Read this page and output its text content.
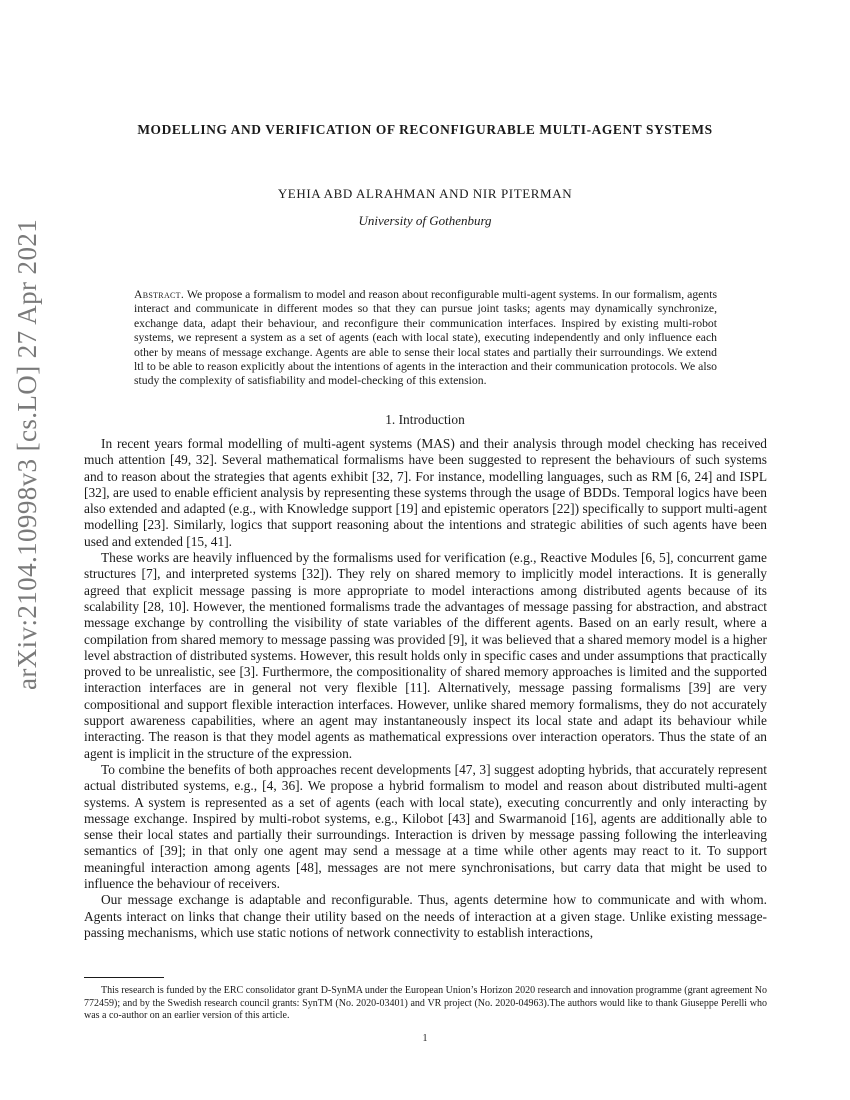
arXiv:2104.10998v3 [cs.LO] 27 Apr 2021
MODELLING AND VERIFICATION OF RECONFIGURABLE MULTI-AGENT SYSTEMS
YEHIA ABD ALRAHMAN AND NIR PITERMAN
University of Gothenburg
Abstract. We propose a formalism to model and reason about reconfigurable multi-agent systems. In our formalism, agents interact and communicate in different modes so that they can pursue joint tasks; agents may dynamically synchronize, exchange data, adapt their behaviour, and reconfigure their communication interfaces. Inspired by existing multi-robot systems, we represent a system as a set of agents (each with local state), executing independently and only influence each other by means of message exchange. Agents are able to sense their local states and partially their surroundings. We extend ltl to be able to reason explicitly about the intentions of agents in the interaction and their communication protocols. We also study the complexity of satisfiability and model-checking of this extension.
1. Introduction

In recent years formal modelling of multi-agent systems (MAS) and their analysis through model checking has received much attention [49, 32]. Several mathematical formalisms have been suggested to represent the behaviours of such systems and to reason about the strategies that agents exhibit [32, 7]. For instance, modelling languages, such as RM [6, 24] and ISPL [32], are used to enable efficient analysis by representing these systems through the usage of BDDs. Temporal logics have been also extended and adapted (e.g., with Knowledge support [19] and epistemic operators [22]) specifically to support multi-agent modelling [23]. Similarly, logics that support reasoning about the intentions and strategic abilities of such agents have been used and extended [15, 41].

These works are heavily influenced by the formalisms used for verification (e.g., Reactive Modules [6, 5], concurrent game structures [7], and interpreted systems [32]). They rely on shared memory to implicitly model interactions. It is generally agreed that explicit message passing is more appropriate to model interactions among distributed agents because of its scalability [28, 10]. However, the mentioned formalisms trade the advantages of message passing for abstraction, and abstract message exchange by controlling the visibility of state variables of the different agents. Based on an early result, where a compilation from shared memory to message passing was provided [9], it was believed that a shared memory model is a higher level abstraction of distributed systems. However, this result holds only in specific cases and under assumptions that practically proved to be unrealistic, see [3]. Furthermore, the compositionality of shared memory approaches is limited and the supported interaction interfaces are in general not very flexible [11]. Alternatively, message passing formalisms [39] are very compositional and support flexible interaction interfaces. However, unlike shared memory formalisms, they do not accurately support awareness capabilities, where an agent may instantaneously inspect its local state and adapt its behaviour while interacting. The reason is that they model agents as mathematical expressions over interaction operators. Thus the state of an agent is implicit in the structure of the expression.

To combine the benefits of both approaches recent developments [47, 3] suggest adopting hybrids, that accurately represent actual distributed systems, e.g., [4, 36]. We propose a hybrid formalism to model and reason about distributed multi-agent systems. A system is represented as a set of agents (each with local state), executing concurrently and only interacting by message exchange. Inspired by multi-robot systems, e.g., Kilobot [43] and Swarmanoid [16], agents are additionally able to sense their local states and partially their surroundings. Interaction is driven by message passing following the interleaving semantics of [39]; in that only one agent may send a message at a time while other agents may react to it. To support meaningful interaction among agents [48], messages are not mere synchronisations, but carry data that might be used to influence the behaviour of receivers.

Our message exchange is adaptable and reconfigurable. Thus, agents determine how to communicate and with whom. Agents interact on links that change their utility based on the needs of interaction at a given stage. Unlike existing message-passing mechanisms, which use static notions of network connectivity to establish interactions,

This research is funded by the ERC consolidator grant D-SynMA under the European Union’s Horizon 2020 research and innovation programme (grant agreement No 772459); and by the Swedish research council grants: SynTM (No. 2020-03401) and VR project (No. 2020-04963).The authors would like to thank Giuseppe Perelli who was a co-author on an earlier version of this article.

1
